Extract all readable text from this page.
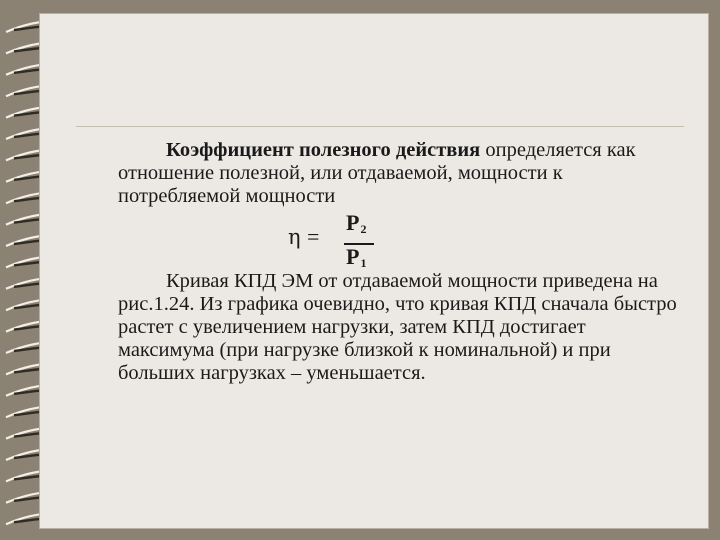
Коэффициент полезного действия определяется как отношение полезной, или отдаваемой, мощности к потребляемой мощности

η =
P2
P1

Кривая КПД ЭМ от отдаваемой мощности приведена на рис.1.24. Из графика очевидно, что кривая КПД сначала быстро растет с увеличением нагрузки, затем КПД достигает максимума (при нагрузке близкой к номинальной) и при больших нагрузках – уменьшается.
